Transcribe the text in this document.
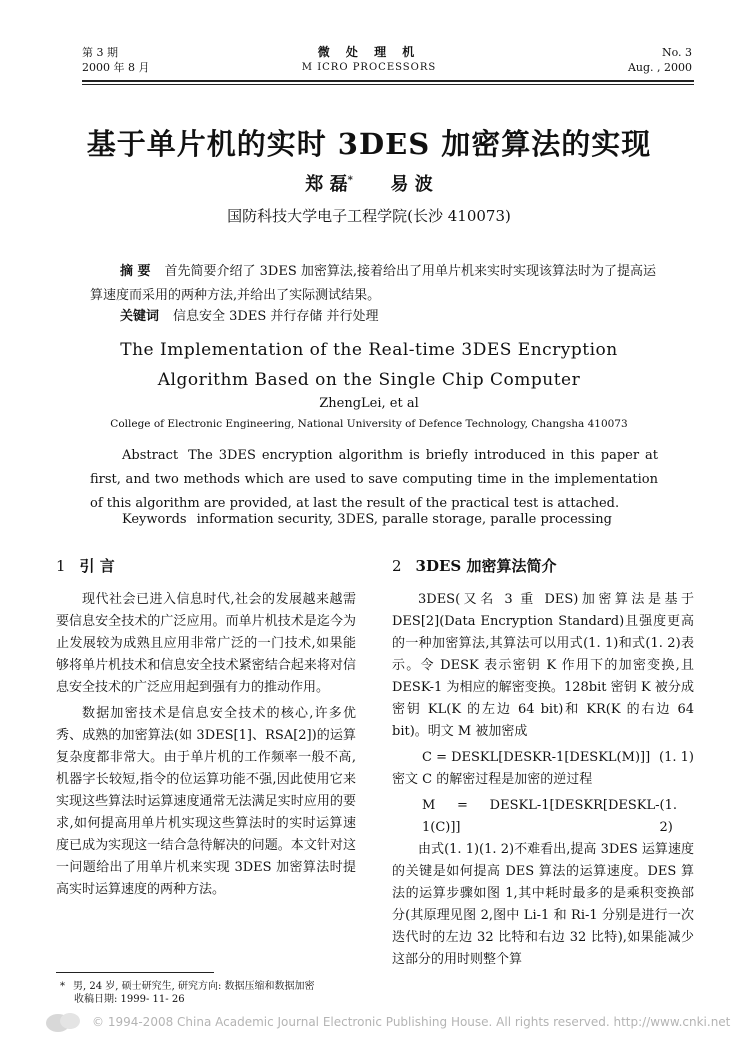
第 3 期
2000 年 8 月
微 处 理 机
M ICRO PROCESSORS
No. 3
Aug. , 2000
基于单片机的实时 3DES 加密算法的实现
郑 磊* 易 波
国防科技大学电子工程学院(长沙 410073)
摘 要 首先简要介绍了 3DES 加密算法,接着给出了用单片机来实时实现该算法时为了提高运算速度而采用的两种方法,并给出了实际测试结果。
关键词 信息安全 3DES 并行存储 并行处理
The Implementation of the Real-time 3DES Encryption
Algorithm Based on the Single Chip Computer
ZhengLei, et al
College of Electronic Engineering, National University of Defence Technology, Changsha 410073
Abstract The 3DES encryption algorithm is briefly introduced in this paper at first, and two methods which are used to save computing time in the implementation of this algorithm are provided, at last the result of the practical test is attached.
Keywords information security, 3DES, paralle storage, paralle processing
1 引 言

现代社会已进入信息时代,社会的发展越来越需要信息安全技术的广泛应用。而单片机技术是迄今为止发展较为成熟且应用非常广泛的一门技术,如果能够将单片机技术和信息安全技术紧密结合起来将对信息安全技术的广泛应用起到强有力的推动作用。

数据加密技术是信息安全技术的核心,许多优秀、成熟的加密算法(如 3DES[1]、RSA[2])的运算复杂度都非常大。由于单片机的工作频率一般不高,机器字长较短,指令的位运算功能不强,因此使用它来实现这些算法时运算速度通常无法满足实时应用的要求,如何提高用单片机实现这些算法时的实时运算速度已成为实现这一结合急待解决的问题。本文针对这一问题给出了用单片机来实现 3DES 加密算法时提高实时运算速度的两种方法。

2 3DES 加密算法简介

3DES(又名 3 重 DES)加密算法是基于 DES[2](Data Encryption Standard)且强度更高的一种加密算法,其算法可以用式(1. 1)和式(1. 2)表示。令 DESK 表示密钥 K 作用下的加密变换,且 DESK-1 为相应的解密变换。128bit 密钥 K 被分成密钥 KL(K 的左边 64 bit)和 KR(K 的右边 64 bit)。明文 M 被加密成

C = DESKL[DESKR-1[DESKL(M)]] (1. 1)

密文 C 的解密过程是加密的逆过程

M = DESKL-1[DESKR[DESKL-1(C)]]
(1. 2)

由式(1. 1)(1. 2)不难看出,提高 3DES 运算速度的关键是如何提高 DES 算法的运算速度。DES 算法的运算步骤如图 1,其中耗时最多的是乘积变换部分(其原理见图 2,图中 Li-1 和 Ri-1 分别是进行一次迭代时的左边 32 比特和右边 32 比特),如果能减少这部分的用时则整个算

* 男, 24 岁, 硕士研究生, 研究方向: 数据压缩和数据加密
收稿日期: 1999- 11- 26
© 1994-2008 China Academic Journal Electronic Publishing House. All rights reserved. http://www.cnki.net
